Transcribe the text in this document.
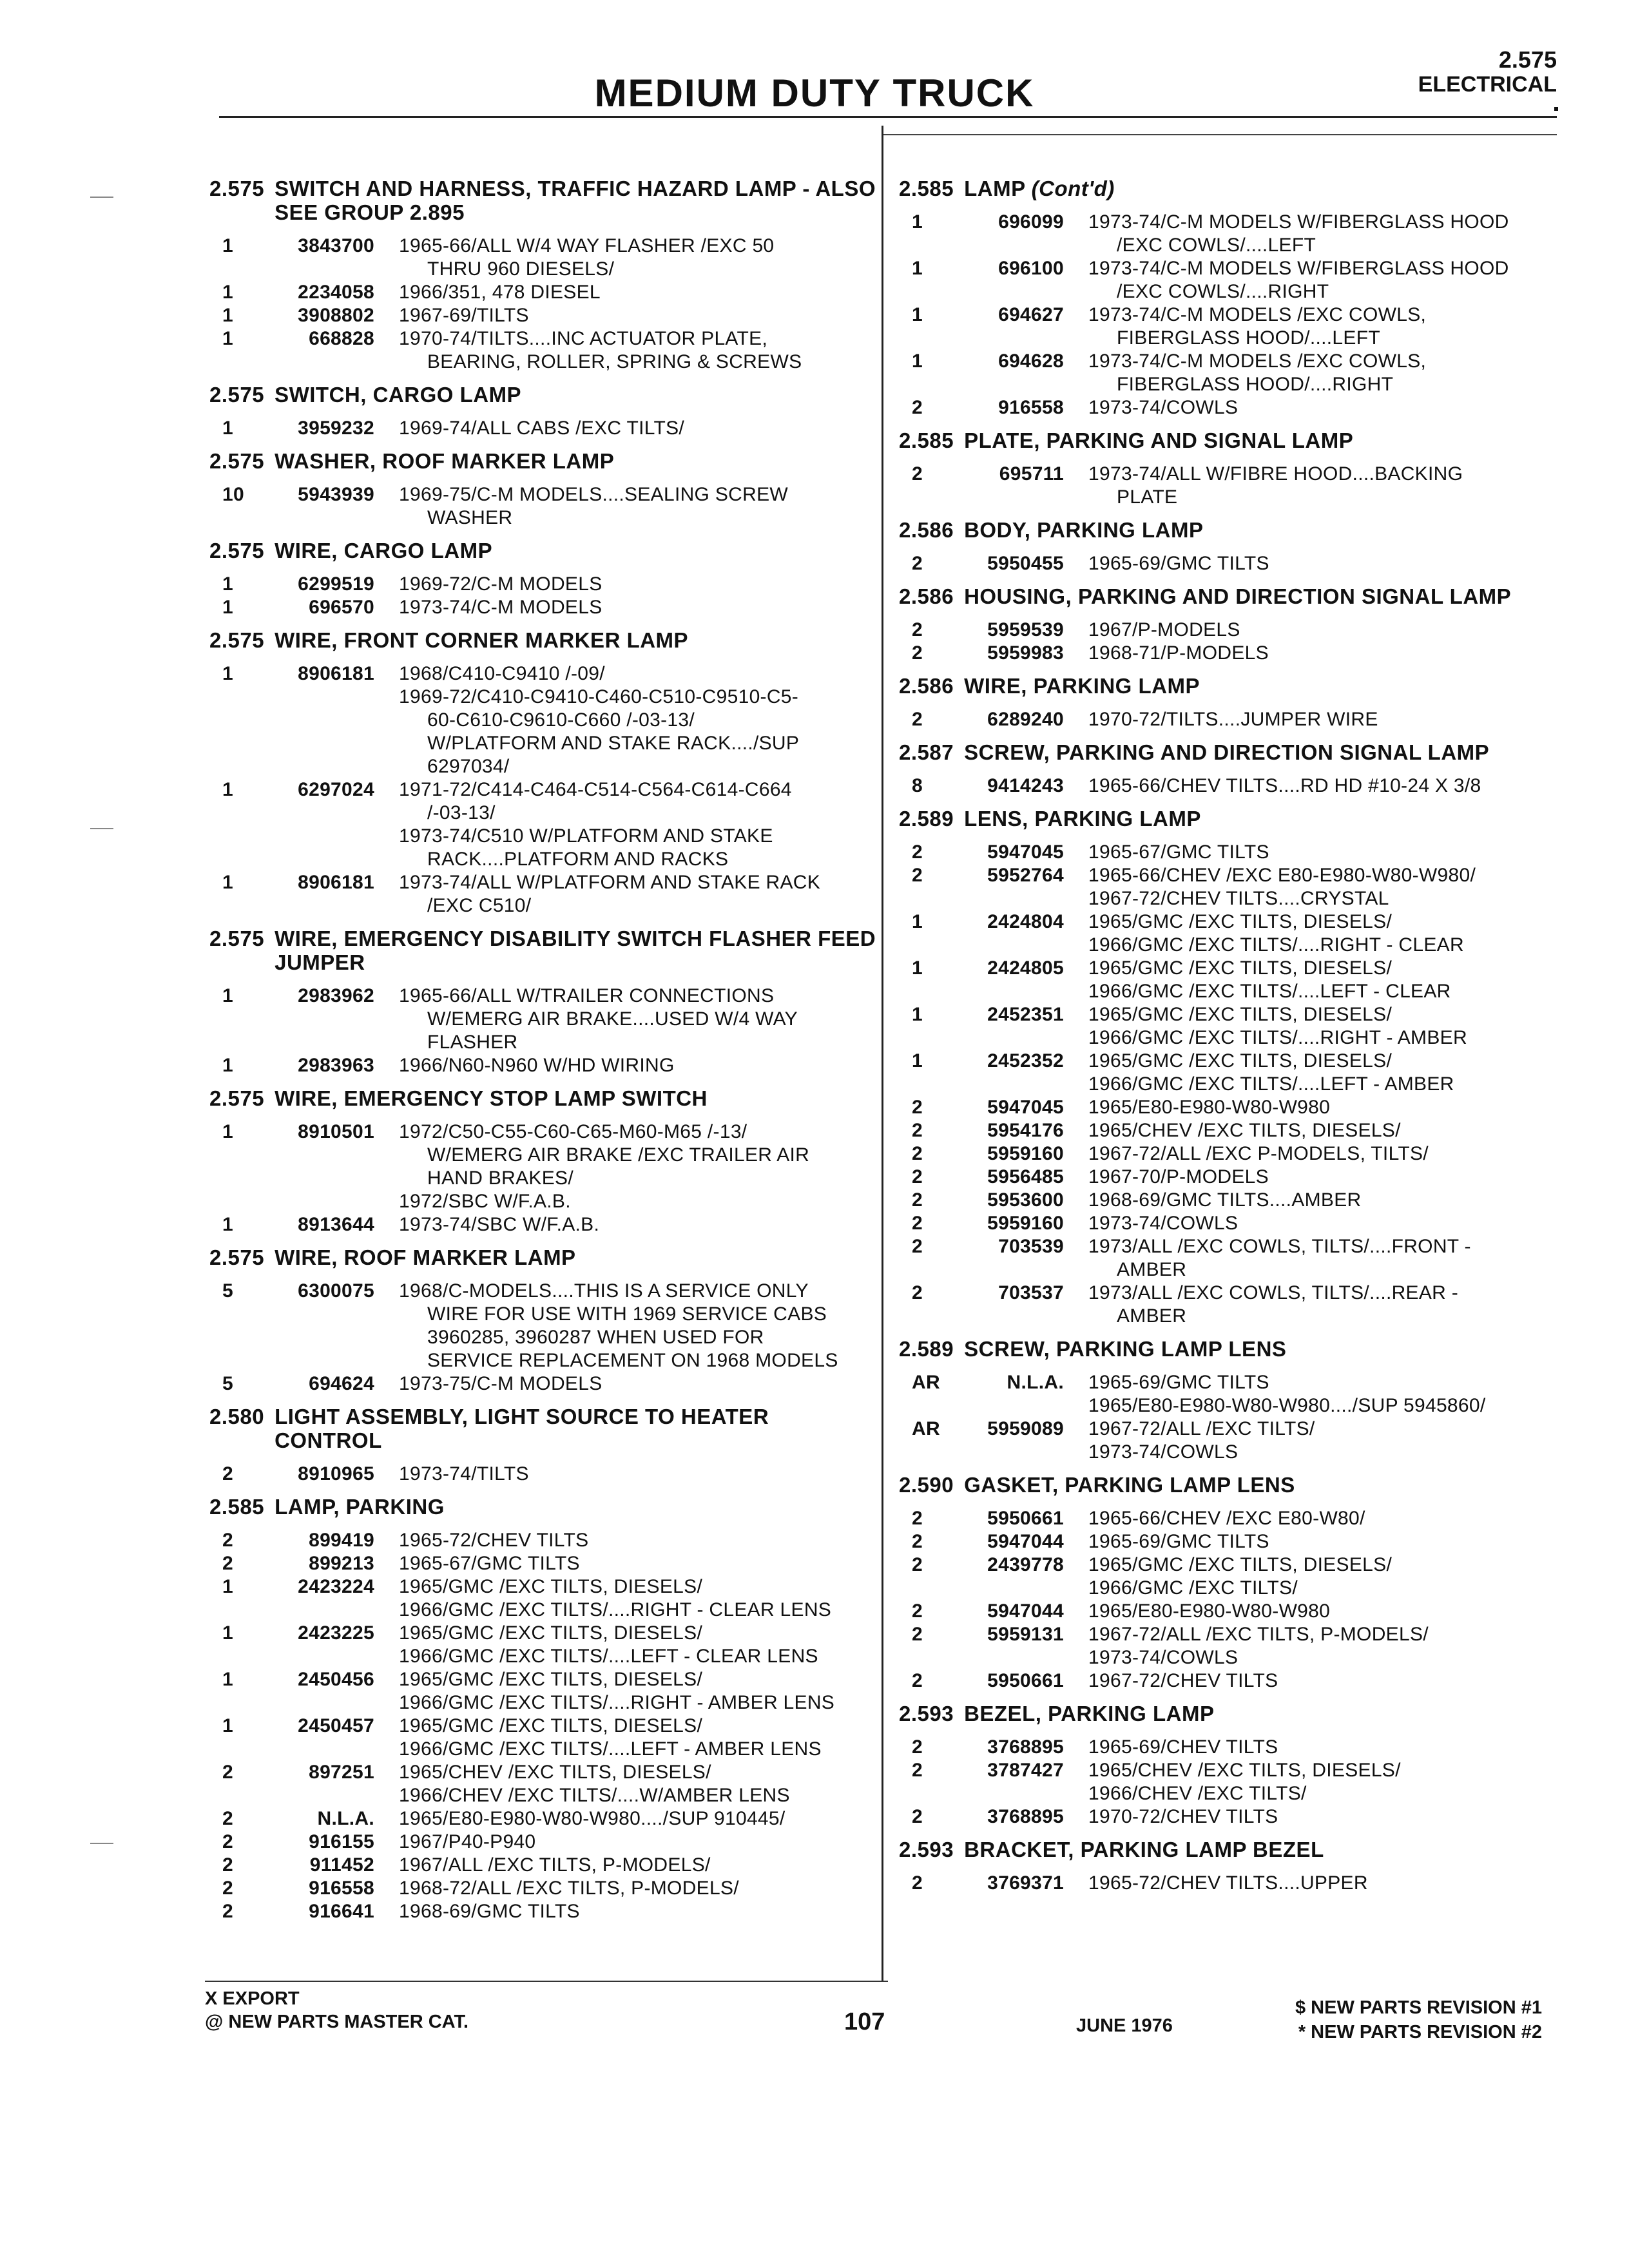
2.575
MEDIUM DUTY TRUCK	ELECTRICAL
2.575 SWITCH AND HARNESS, TRAFFIC HAZARD LAMP - ALSO SEE GROUP 2.895
1	3843700	1965-66/ALL W/4 WAY FLASHER /EXC 50
THRU 960 DIESELS/
1	2234058	1966/351, 478 DIESEL
1	3908802	1967-69/TILTS
1	668828	1970-74/TILTS....INC ACTUATOR PLATE,
BEARING, ROLLER, SPRING & SCREWS
2.575 SWITCH, CARGO LAMP
1	3959232	1969-74/ALL CABS /EXC TILTS/
2.575 WASHER, ROOF MARKER LAMP
10	5943939	1969-75/C-M MODELS....SEALING SCREW
WASHER
2.575 WIRE, CARGO LAMP
1	6299519	1969-72/C-M MODELS
1	696570	1973-74/C-M MODELS
2.575 WIRE, FRONT CORNER MARKER LAMP
1	8906181	1968/C410-C9410 /-09/
1969-72/C410-C9410-C460-C510-C9510-C5-
60-C610-C9610-C660 /-03-13/
W/PLATFORM AND STAKE RACK..../SUP
6297034/
1	6297024	1971-72/C414-C464-C514-C564-C614-C664
/-03-13/
1973-74/C510 W/PLATFORM AND STAKE
RACK....PLATFORM AND RACKS
1	8906181	1973-74/ALL W/PLATFORM AND STAKE RACK
/EXC C510/
2.575 WIRE, EMERGENCY DISABILITY SWITCH FLASHER FEED JUMPER
1	2983962	1965-66/ALL W/TRAILER CONNECTIONS
W/EMERG AIR BRAKE....USED W/4 WAY
FLASHER
1	2983963	1966/N60-N960 W/HD WIRING
2.575 WIRE, EMERGENCY STOP LAMP SWITCH
1	8910501	1972/C50-C55-C60-C65-M60-M65 /-13/
W/EMERG AIR BRAKE /EXC TRAILER AIR
HAND BRAKES/
1972/SBC W/F.A.B.
1	8913644	1973-74/SBC W/F.A.B.
2.575 WIRE, ROOF MARKER LAMP
5	6300075	1968/C-MODELS....THIS IS A SERVICE ONLY
WIRE FOR USE WITH 1969 SERVICE CABS
3960285, 3960287 WHEN USED FOR
SERVICE REPLACEMENT ON 1968 MODELS
5	694624	1973-75/C-M MODELS
2.580 LIGHT ASSEMBLY, LIGHT SOURCE TO HEATER CONTROL
2	8910965	1973-74/TILTS
2.585 LAMP, PARKING
2	899419	1965-72/CHEV TILTS
2	899213	1965-67/GMC TILTS
1	2423224	1965/GMC /EXC TILTS, DIESELS/
1966/GMC /EXC TILTS/....RIGHT - CLEAR LENS
1	2423225	1965/GMC /EXC TILTS, DIESELS/
1966/GMC /EXC TILTS/....LEFT - CLEAR LENS
1	2450456	1965/GMC /EXC TILTS, DIESELS/
1966/GMC /EXC TILTS/....RIGHT - AMBER LENS
1	2450457	1965/GMC /EXC TILTS, DIESELS/
1966/GMC /EXC TILTS/....LEFT - AMBER LENS
2	897251	1965/CHEV /EXC TILTS, DIESELS/
1966/CHEV /EXC TILTS/....W/AMBER LENS
2	N.L.A.	1965/E80-E980-W80-W980..../SUP 910445/
2	916155	1967/P40-P940
2	911452	1967/ALL /EXC TILTS, P-MODELS/
2	916558	1968-72/ALL /EXC TILTS, P-MODELS/
2	916641	1968-69/GMC TILTS
2.585 LAMP (Cont'd)
1	696099	1973-74/C-M MODELS W/FIBERGLASS HOOD
/EXC COWLS/....LEFT
1	696100	1973-74/C-M MODELS W/FIBERGLASS HOOD
/EXC COWLS/....RIGHT
1	694627	1973-74/C-M MODELS /EXC COWLS,
FIBERGLASS HOOD/....LEFT
1	694628	1973-74/C-M MODELS /EXC COWLS,
FIBERGLASS HOOD/....RIGHT
2	916558	1973-74/COWLS
2.585 PLATE, PARKING AND SIGNAL LAMP
2	695711	1973-74/ALL W/FIBRE HOOD....BACKING
PLATE
2.586 BODY, PARKING LAMP
2	5950455	1965-69/GMC TILTS
2.586 HOUSING, PARKING AND DIRECTION SIGNAL LAMP
2	5959539	1967/P-MODELS
2	5959983	1968-71/P-MODELS
2.586 WIRE, PARKING LAMP
2	6289240	1970-72/TILTS....JUMPER WIRE
2.587 SCREW, PARKING AND DIRECTION SIGNAL LAMP
8	9414243	1965-66/CHEV TILTS....RD HD #10-24 X 3/8
2.589 LENS, PARKING LAMP
2	5947045	1965-67/GMC TILTS
2	5952764	1965-66/CHEV /EXC E80-E980-W80-W980/
1967-72/CHEV TILTS....CRYSTAL
1	2424804	1965/GMC /EXC TILTS, DIESELS/
1966/GMC /EXC TILTS/....RIGHT - CLEAR
1	2424805	1965/GMC /EXC TILTS, DIESELS/
1966/GMC /EXC TILTS/....LEFT - CLEAR
1	2452351	1965/GMC /EXC TILTS, DIESELS/
1966/GMC /EXC TILTS/....RIGHT - AMBER
1	2452352	1965/GMC /EXC TILTS, DIESELS/
1966/GMC /EXC TILTS/....LEFT - AMBER
2	5947045	1965/E80-E980-W80-W980
2	5954176	1965/CHEV /EXC TILTS, DIESELS/
2	5959160	1967-72/ALL /EXC P-MODELS, TILTS/
2	5956485	1967-70/P-MODELS
2	5953600	1968-69/GMC TILTS....AMBER
2	5959160	1973-74/COWLS
2	703539	1973/ALL /EXC COWLS, TILTS/....FRONT -
AMBER
2	703537	1973/ALL /EXC COWLS, TILTS/....REAR -
AMBER
2.589 SCREW, PARKING LAMP LENS
AR	N.L.A.	1965-69/GMC TILTS
1965/E80-E980-W80-W980..../SUP 5945860/
AR	5959089	1967-72/ALL /EXC TILTS/
1973-74/COWLS
2.590 GASKET, PARKING LAMP LENS
2	5950661	1965-66/CHEV /EXC E80-W80/
2	5947044	1965-69/GMC TILTS
2	2439778	1965/GMC /EXC TILTS, DIESELS/
1966/GMC /EXC TILTS/
2	5947044	1965/E80-E980-W80-W980
2	5959131	1967-72/ALL /EXC TILTS, P-MODELS/
1973-74/COWLS
2	5950661	1967-72/CHEV TILTS
2.593 BEZEL, PARKING LAMP
2	3768895	1965-69/CHEV TILTS
2	3787427	1965/CHEV /EXC TILTS, DIESELS/
1966/CHEV /EXC TILTS/
2	3768895	1970-72/CHEV TILTS
2.593 BRACKET, PARKING LAMP BEZEL
2	3769371	1965-72/CHEV TILTS....UPPER
X EXPORT
@ NEW PARTS MASTER CAT.	107	JUNE 1976
$ NEW PARTS REVISION #1
* NEW PARTS REVISION #2
